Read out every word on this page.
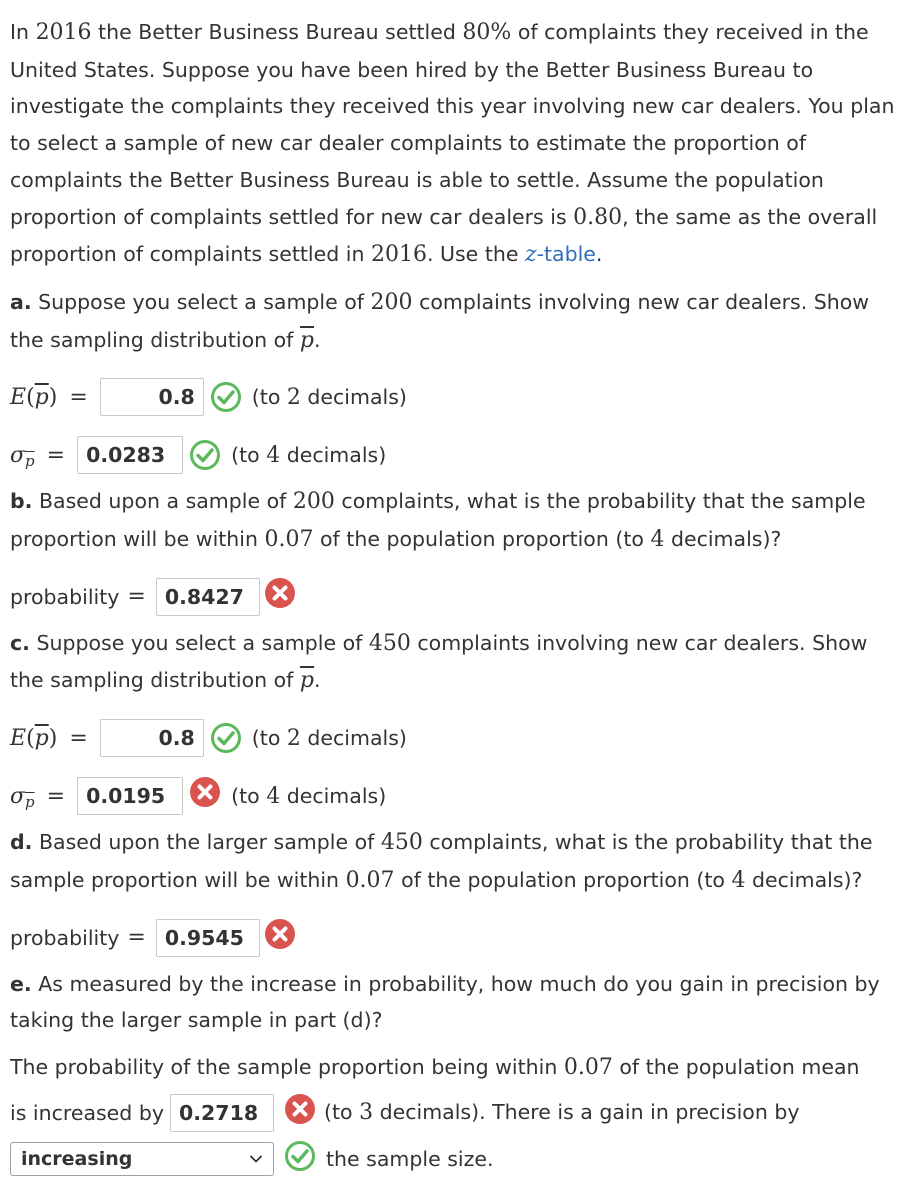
In 2016 the Better Business Bureau settled 80% of complaints they received in the United States. Suppose you have been hired by the Better Business Bureau to investigate the complaints they received this year involving new car dealers. You plan to select a sample of new car dealer complaints to estimate the proportion of complaints the Better Business Bureau is able to settle. Assume the population proportion of complaints settled for new car dealers is 0.80, the same as the overall proportion of complaints settled in 2016. Use the z-table.

a. Suppose you select a sample of 200 complaints involving new car dealers. Show the sampling distribution of $\overline{p}$.

E ( $\overline{p}$ ) =	0.8	(to 2 decimals)
σ $\overline{p}$ =	0.0283	(to 4 decimals)

b. Based upon a sample of 200 complaints, what is the probability that the sample proportion will be within 0.07 of the population proportion (to 4 decimals)?

probability = 0.8427

c. Suppose you select a sample of 450 complaints involving new car dealers. Show the sampling distribution of $\overline{p}$.

E ( $\overline{p}$ ) =	0.8	(to 2 decimals)
σ $\overline{p}$ =	0.0195	(to 4 decimals)

d. Based upon the larger sample of 450 complaints, what is the probability that the sample proportion will be within 0.07 of the population proportion (to 4 decimals)?

probability = 0.9545

e. As measured by the increase in probability, how much do you gain in precision by taking the larger sample in part (d)?

The probability of the sample proportion being within 0.07 of the population mean

is increased by 0.2718	(to 3 decimals). There is a gain in precision by
increasing	the sample size.
